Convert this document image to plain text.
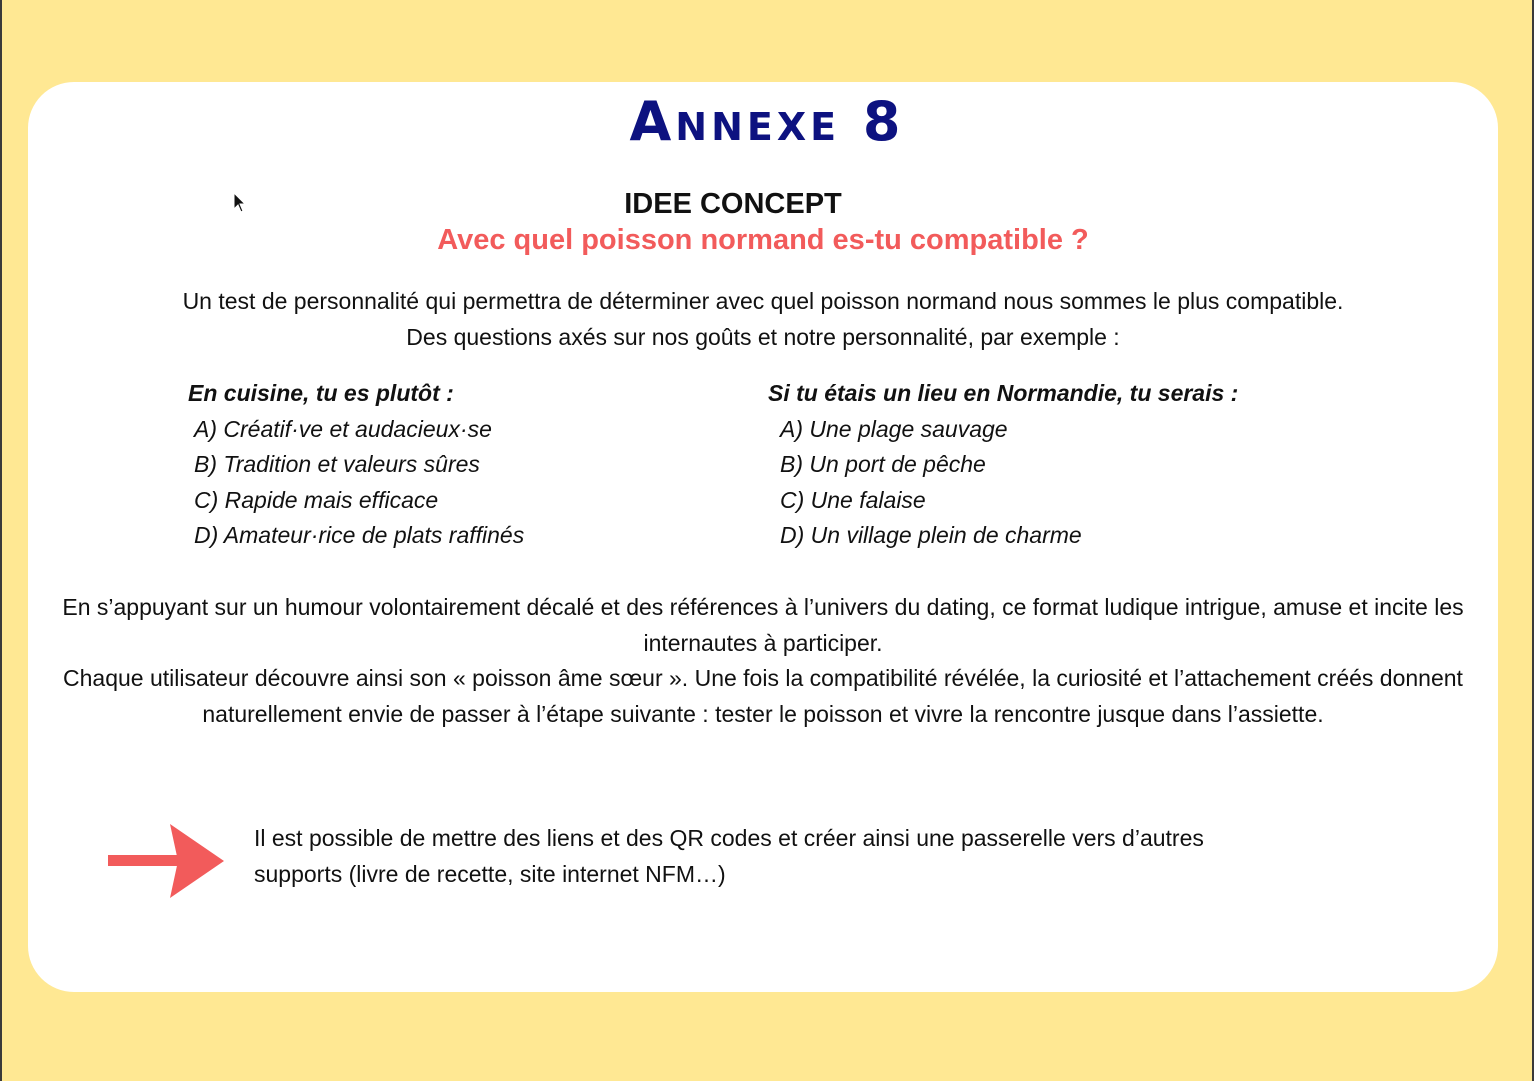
Annexe 8
IDEE CONCEPT
Avec quel poisson normand es-tu compatible ?

Un test de personnalité qui permettra de déterminer avec quel poisson normand nous sommes le plus compatible.

Des questions axés sur nos goûts et notre personnalité, par exemple :

En cuisine, tu es plutôt :
A) Créatif·ve et audacieux·se
B) Tradition et valeurs sûres
C) Rapide mais efficace
D) Amateur·rice de plats raffinés
Si tu étais un lieu en Normandie, tu serais :
A) Une plage sauvage
B) Un port de pêche
C) Une falaise
D) Un village plein de charme

En s’appuyant sur un humour volontairement décalé et des références à l’univers du dating, ce format ludique intrigue, amuse et incite les internautes à participer.

Chaque utilisateur découvre ainsi son « poisson âme sœur ». Une fois la compatibilité révélée, la curiosité et l’attachement créés donnent naturellement envie de passer à l’étape suivante : tester le poisson et vivre la rencontre jusque dans l’assiette.

Il est possible de mettre des liens et des QR codes et créer ainsi une passerelle vers d’autres
supports (livre de recette, site internet NFM…)
